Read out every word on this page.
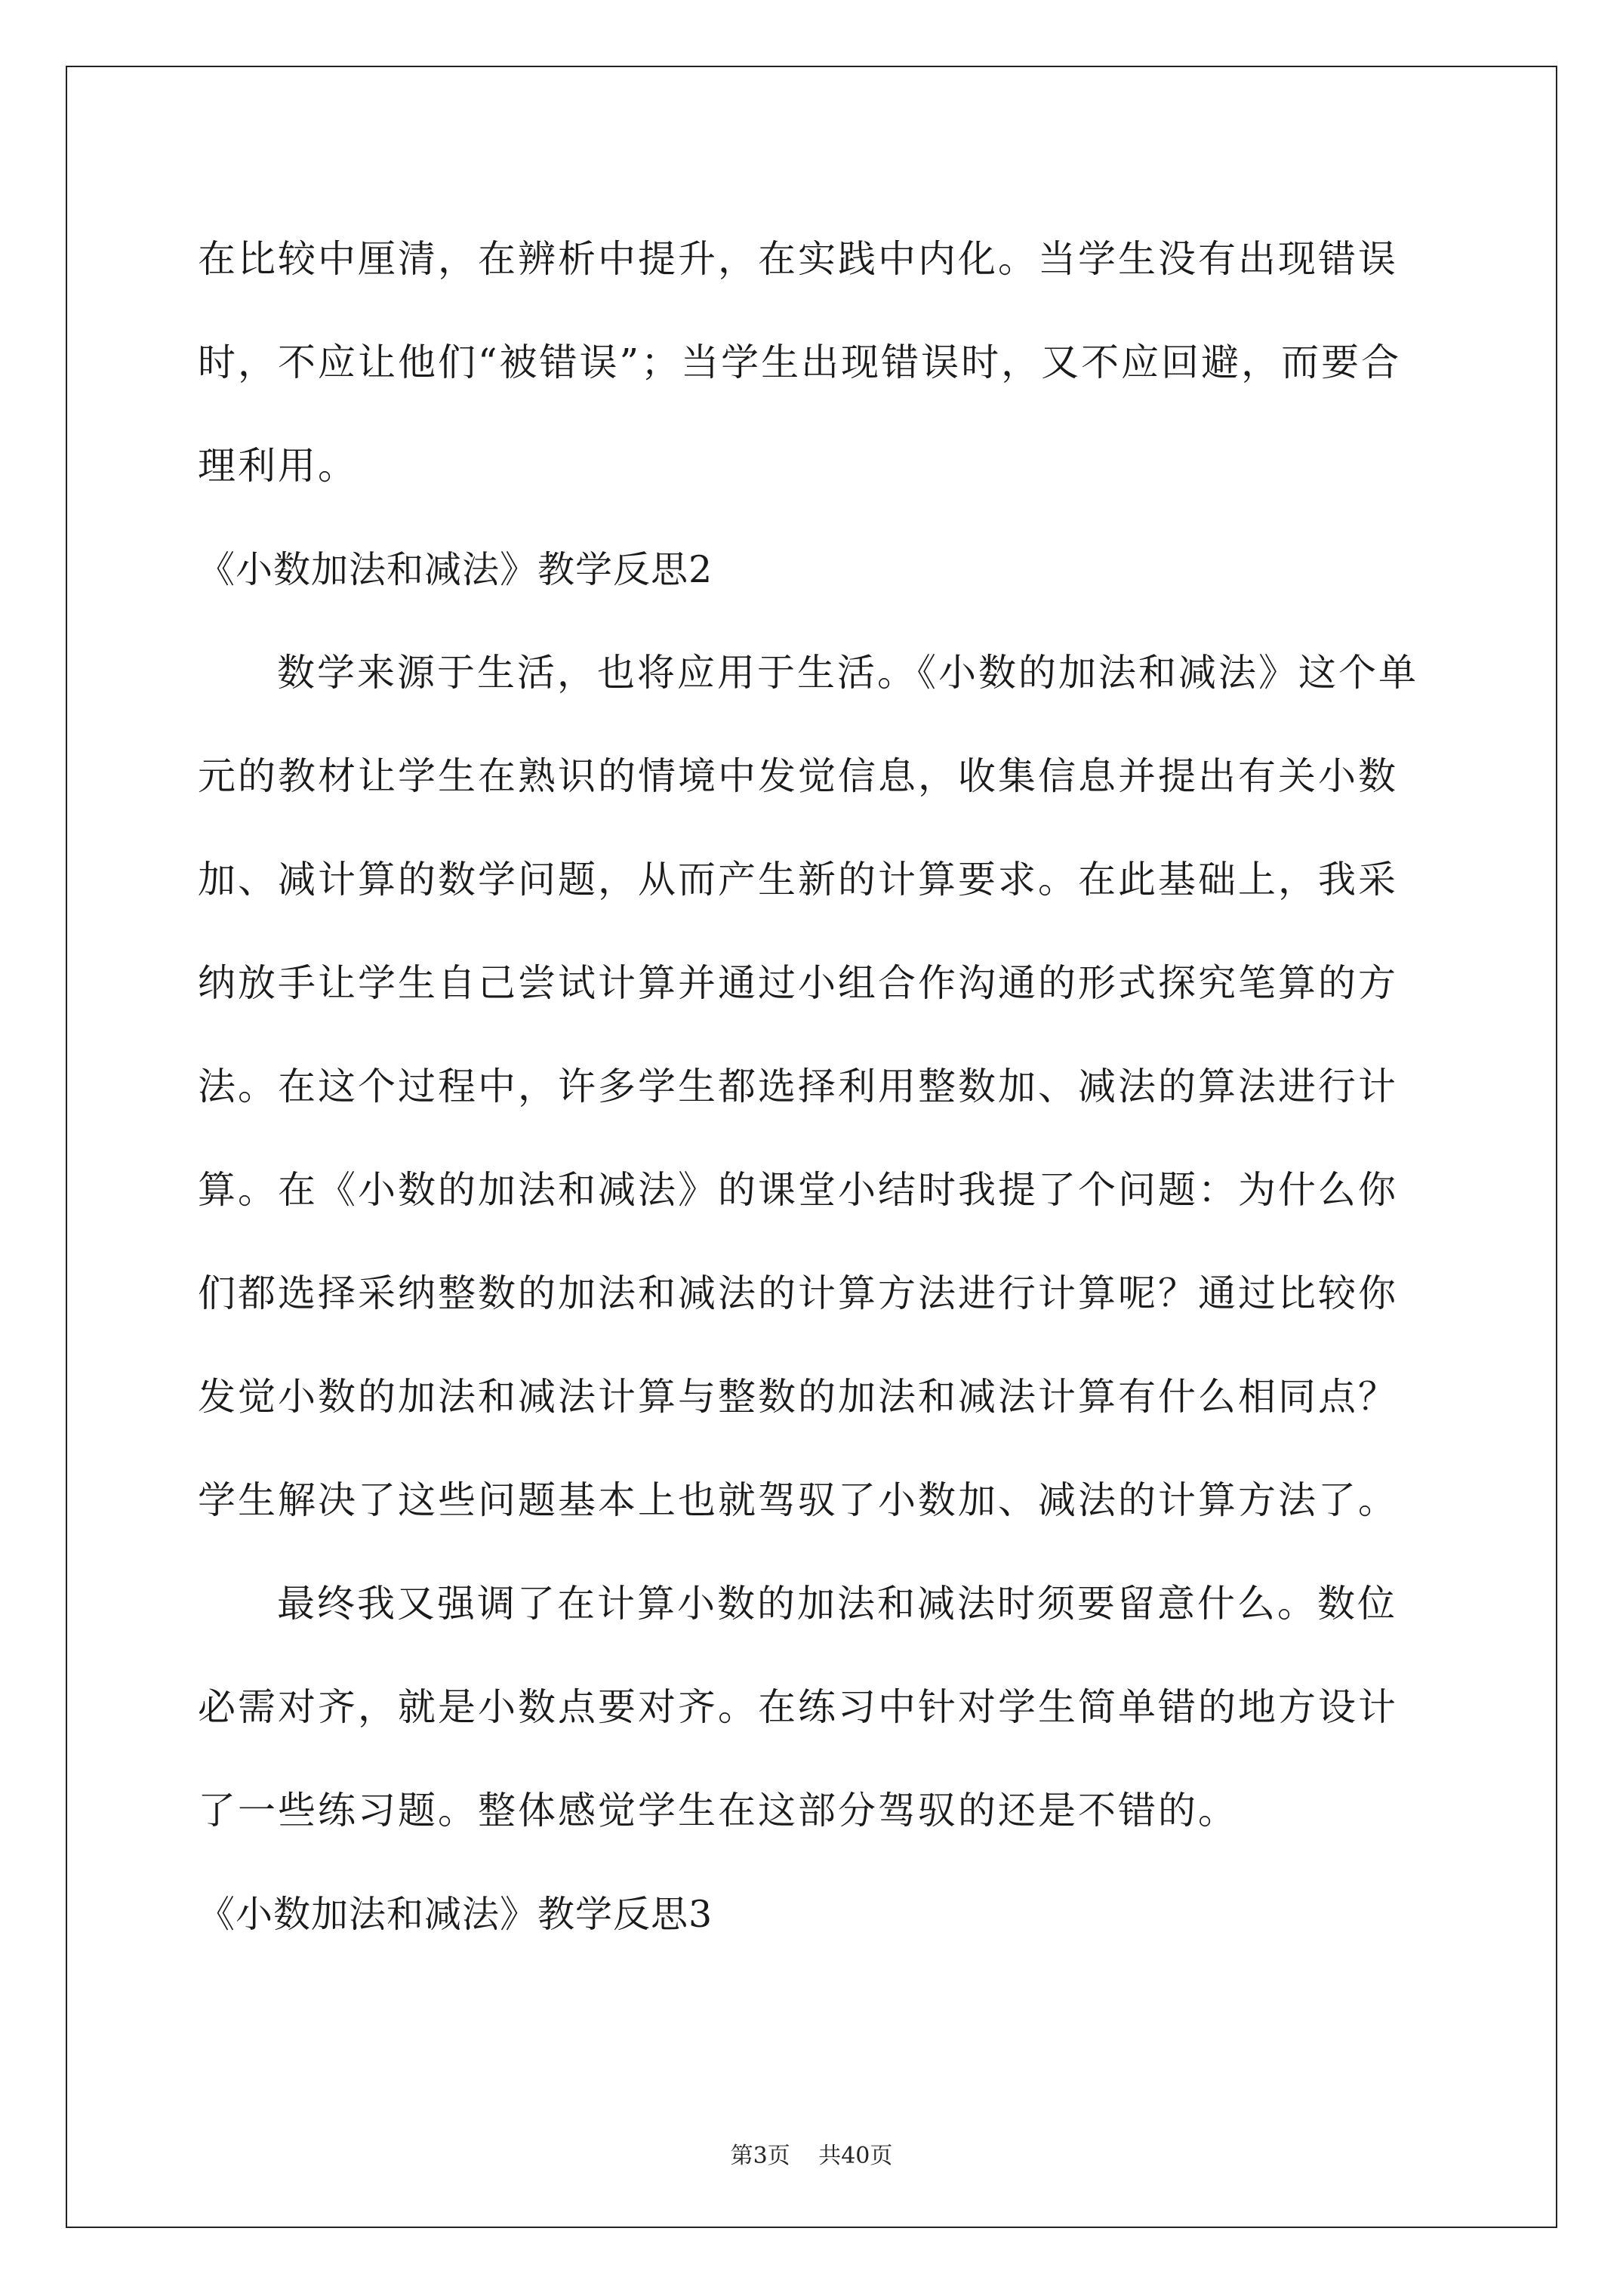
在比较中厘清，在辨析中提升，在实践中内化。当学生没有出现错误
时，不应让他们“被错误”；当学生出现错误时，又不应回避，而要合
理利用。
《小数加法和减法》教学反思2
数学来源于生活，也将应用于生活。《小数的加法和减法》这个单
元的教材让学生在熟识的情境中发觉信息，收集信息并提出有关小数
加、减计算的数学问题，从而产生新的计算要求。在此基础上，我采
纳放手让学生自己尝试计算并通过小组合作沟通的形式探究笔算的方
法。在这个过程中，许多学生都选择利用整数加、减法的算法进行计
算。在《小数的加法和减法》的课堂小结时我提了个问题：为什么你
们都选择采纳整数的加法和减法的计算方法进行计算呢？通过比较你
发觉小数的加法和减法计算与整数的加法和减法计算有什么相同点？
学生解决了这些问题基本上也就驾驭了小数加、减法的计算方法了。
最终我又强调了在计算小数的加法和减法时须要留意什么。数位
必需对齐，就是小数点要对齐。在练习中针对学生简单错的地方设计
了一些练习题。整体感觉学生在这部分驾驭的还是不错的。
《小数加法和减法》教学反思3
第3页 共40页
